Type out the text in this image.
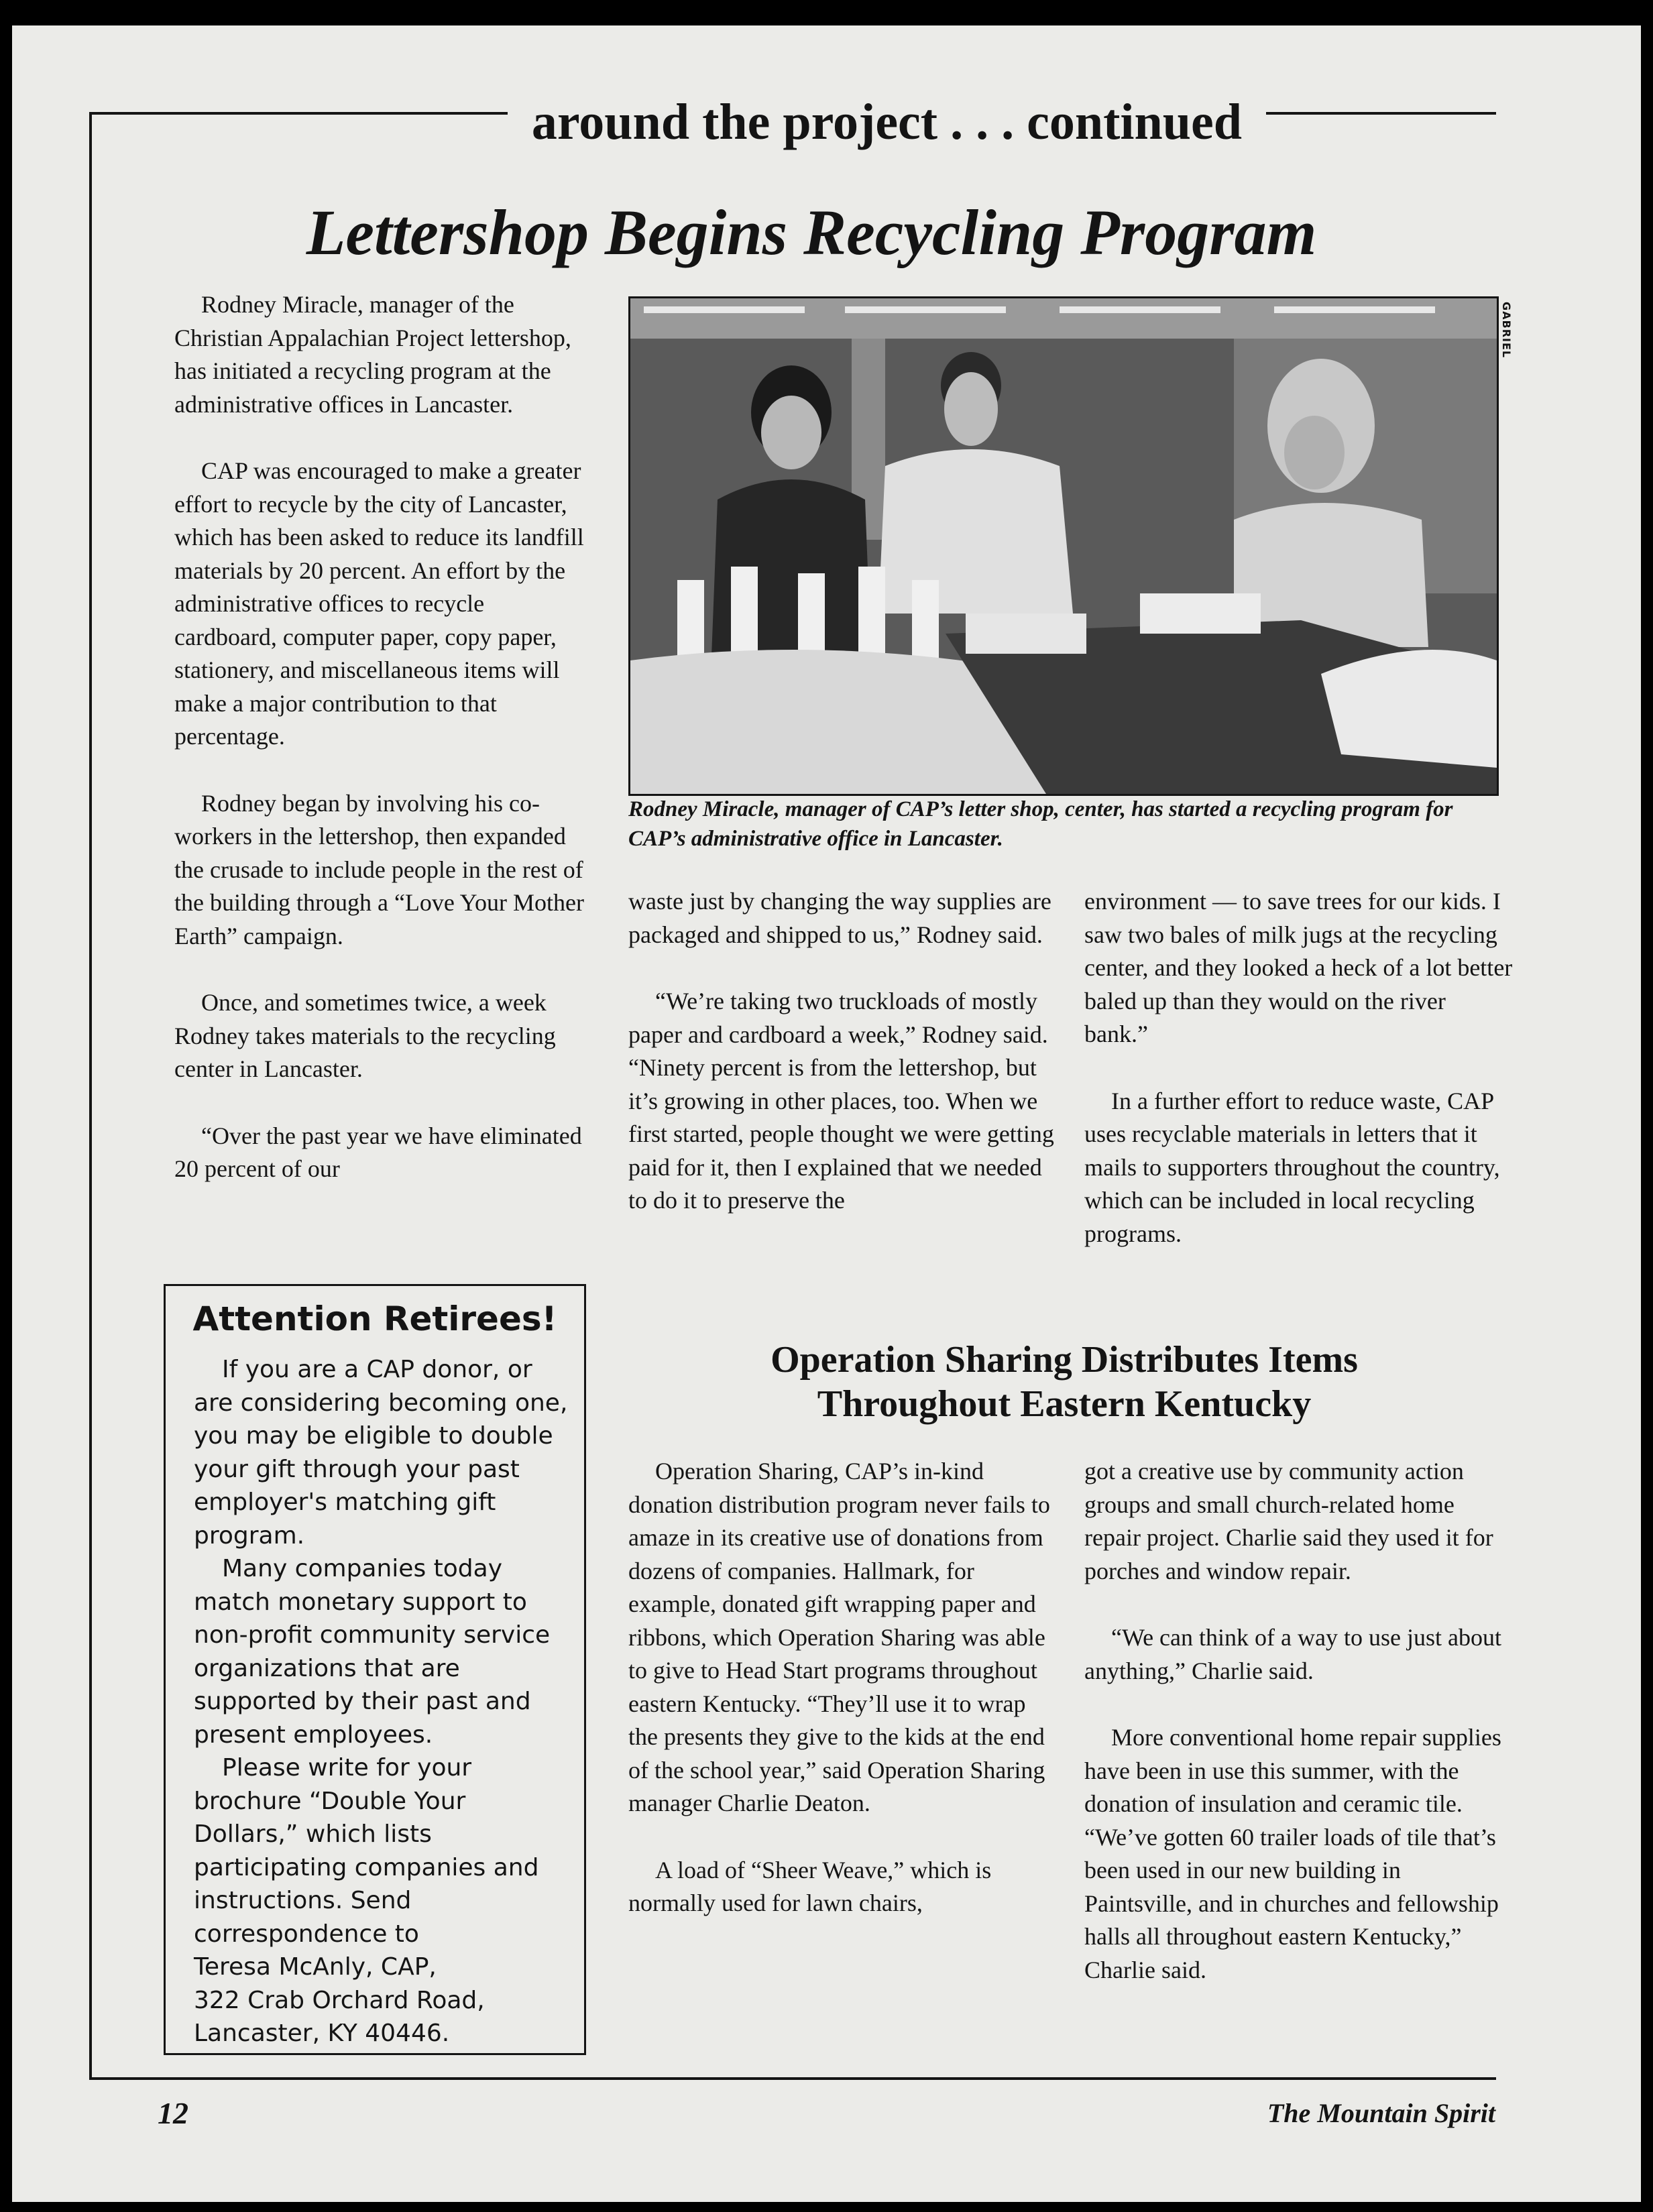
around the project . . . continued
Lettershop Begins Recycling Program

Rodney Miracle, manager of the Christian Appalachian Project lettershop, has initiated a recycling program at the administrative offices in Lancaster.

CAP was encouraged to make a greater effort to recycle by the city of Lancaster, which has been asked to reduce its landfill materials by 20 percent. An effort by the administrative offices to recycle cardboard, computer paper, copy paper, stationery, and miscellaneous items will make a major contribution to that percentage.

Rodney began by involving his co-workers in the lettershop, then expanded the crusade to include people in the rest of the building through a “Love Your Mother Earth” campaign.

Once, and sometimes twice, a week Rodney takes materials to the recycling center in Lancaster.

“Over the past year we have eliminated 20 percent of our

GABRIEL
Rodney Miracle, manager of CAP’s letter shop, center, has started a recycling program for CAP’s administrative office in Lancaster.

waste just by changing the way supplies are packaged and shipped to us,” Rodney said.

“We’re taking two truckloads of mostly paper and cardboard a week,” Rodney said. “Ninety percent is from the lettershop, but it’s growing in other places, too. When we first started, people thought we were getting paid for it, then I explained that we needed to do it to preserve the

environment — to save trees for our kids. I saw two bales of milk jugs at the recycling center, and they looked a heck of a lot better baled up than they would on the river bank.”

In a further effort to reduce waste, CAP uses recyclable materials in letters that it mails to supporters throughout the country, which can be included in local recycling programs.

Attention Retirees!

If you are a CAP donor, or are considering becoming one, you may be eligible to double your gift through your past employer's matching gift program.

Many companies today match monetary support to non-profit community service organizations that are supported by their past and present employees.

Please write for your brochure “Double Your Dollars,” which lists participating companies and instructions. Send correspondence to

Teresa McAnly, CAP,

322 Crab Orchard Road,

Lancaster, KY 40446.

Operation Sharing Distributes Items
Throughout Eastern Kentucky

Operation Sharing, CAP’s in-kind donation distribution program never fails to amaze in its creative use of donations from dozens of companies. Hallmark, for example, donated gift wrapping paper and ribbons, which Operation Sharing was able to give to Head Start programs throughout eastern Kentucky. “They’ll use it to wrap the presents they give to the kids at the end of the school year,” said Operation Sharing manager Charlie Deaton.

A load of “Sheer Weave,” which is normally used for lawn chairs,

got a creative use by community action groups and small church-related home repair project. Charlie said they used it for porches and window repair.

“We can think of a way to use just about anything,” Charlie said.

More conventional home repair supplies have been in use this summer, with the donation of insulation and ceramic tile. “We’ve gotten 60 trailer loads of tile that’s been used in our new building in Paintsville, and in churches and fellowship halls all throughout eastern Kentucky,” Charlie said.

12	The Mountain Spirit
